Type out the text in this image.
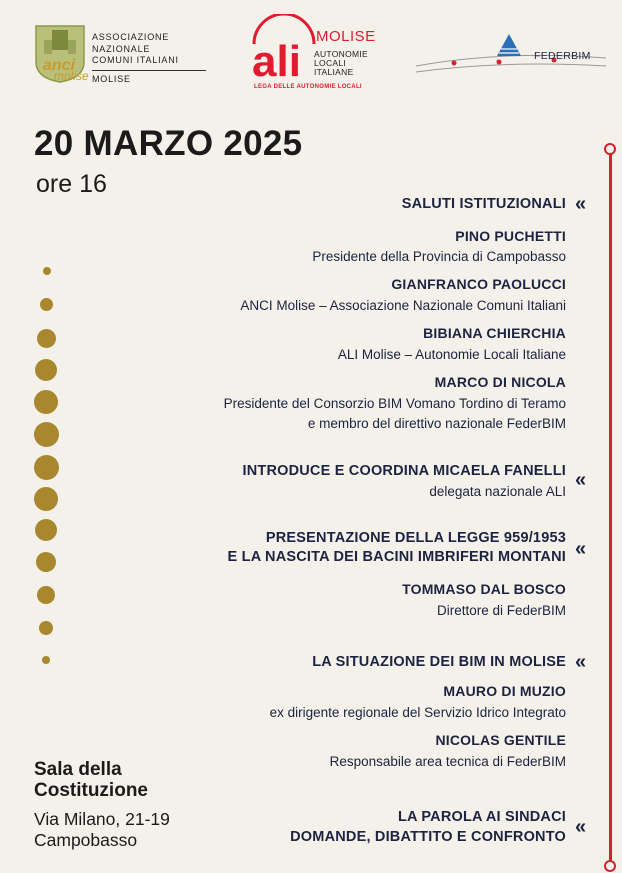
anci
molise
ASSOCIAZIONE
NAZIONALE
COMUNI ITALIANI
MOLISE	ali
MOLISE
AUTONOMIE
LOCALI
ITALIANE
LEGA DELLE AUTONOMIE LOCALI
FEDERBIM
20 MARZO 2025
ore 16
SALUTI ISTITUZIONALI «
PINO PUCHETTI
Presidente della Provincia di Campobasso
GIANFRANCO PAOLUCCI
ANCI Molise – Associazione Nazionale Comuni Italiani
BIBIANA CHIERCHIA
ALI Molise – Autonomie Locali Italiane
MARCO DI NICOLA
Presidente del Consorzio BIM Vomano Tordino di Teramo
e membro del direttivo nazionale FederBIM
INTRODUCE E COORDINA MICAELA FANELLI «
delegata nazionale ALI
PRESENTAZIONE DELLA LEGGE 959/1953
E LA NASCITA DEI BACINI IMBRIFERI MONTANI «
TOMMASO DAL BOSCO
Direttore di FederBIM
LA SITUAZIONE DEI BIM IN MOLISE «
MAURO DI MUZIO
ex dirigente regionale del Servizio Idrico Integrato
NICOLAS GENTILE
Responsabile area tecnica di FederBIM
LA PAROLA AI SINDACI
DOMANDE, DIBATTITO E CONFRONTO «
Sala della
Costituzione
Via Milano, 21-19
Campobasso
